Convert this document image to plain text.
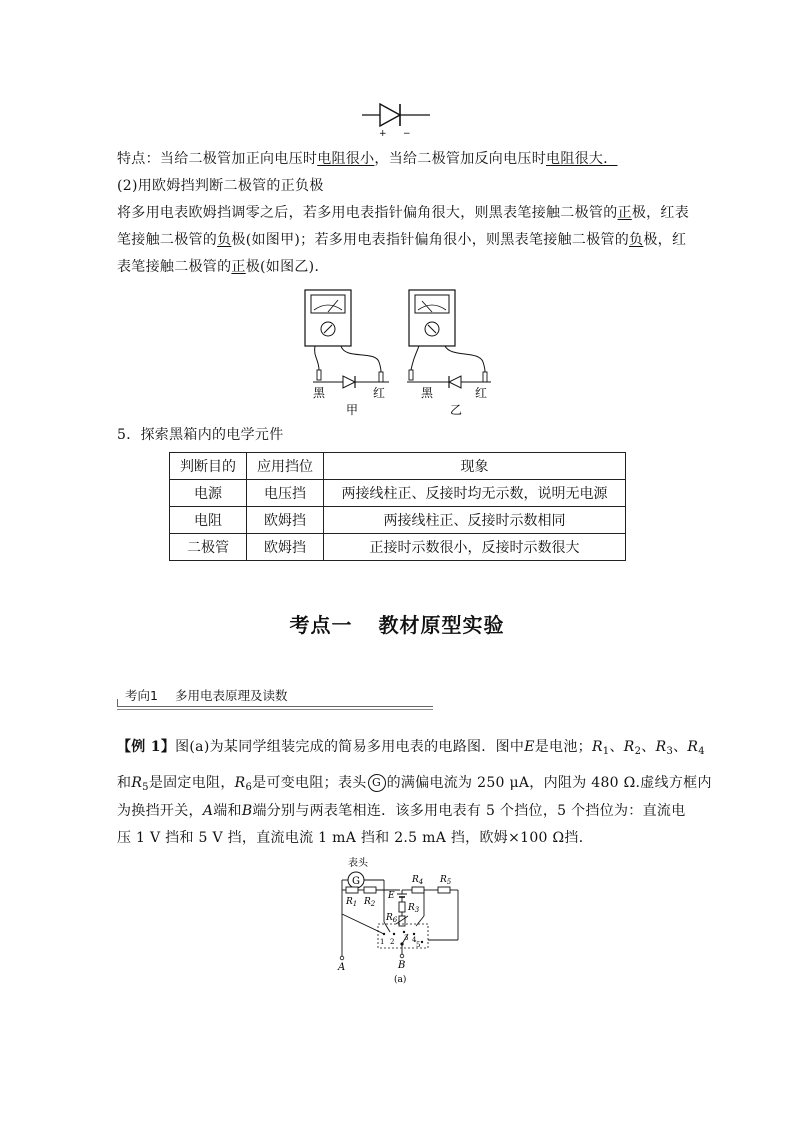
+ −
特点：当给二极管加正向电压时电阻很小，当给二极管加反向电压时电阻很大．
(2)用欧姆挡判断二极管的正负极
将多用电表欧姆挡调零之后，若多用电表指针偏角很大，则黑表笔接触二极管的正极，红表
笔接触二极管的负极(如图甲)；若多用电表指针偏角很小，则黑表笔接触二极管的负极，红
表笔接触二极管的正极(如图乙)．
黑	红
甲
黑	红
乙
5．探索黑箱内的电学元件
判断目的	应用挡位	现象
电源	电压挡	两接线柱正、反接时均无示数，说明无电源
电阻	欧姆挡	两接线柱正、反接时示数相同
二极管	欧姆挡	正接时示数很小，反接时示数很大
考点一 教材原型实验
考向1 多用电表原理及读数
【例 1】图(a)为某同学组装完成的简易多用电表的电路图．图中E是电池；$R_1$、$R_2$、$R_3$、$R_4$
和$R_5$是固定电阻，$R_6$是可变电阻；表头 G 的满偏电流为 250 μA，内阻为 480 Ω.虚线方框内
为换挡开关，A端和B端分别与两表笔相连．该多用电表有 5 个挡位，5 个挡位为：直流电
压 1 V 挡和 5 V 挡，直流电流 1 mA 挡和 2.5 mA 挡，欧姆×100 Ω挡．
表头
G
$R_1$ $R_2$
A
E
$R_3$
$R_6$
$R_4$ $R_5$
1 2 3 4
5
B
(a)
